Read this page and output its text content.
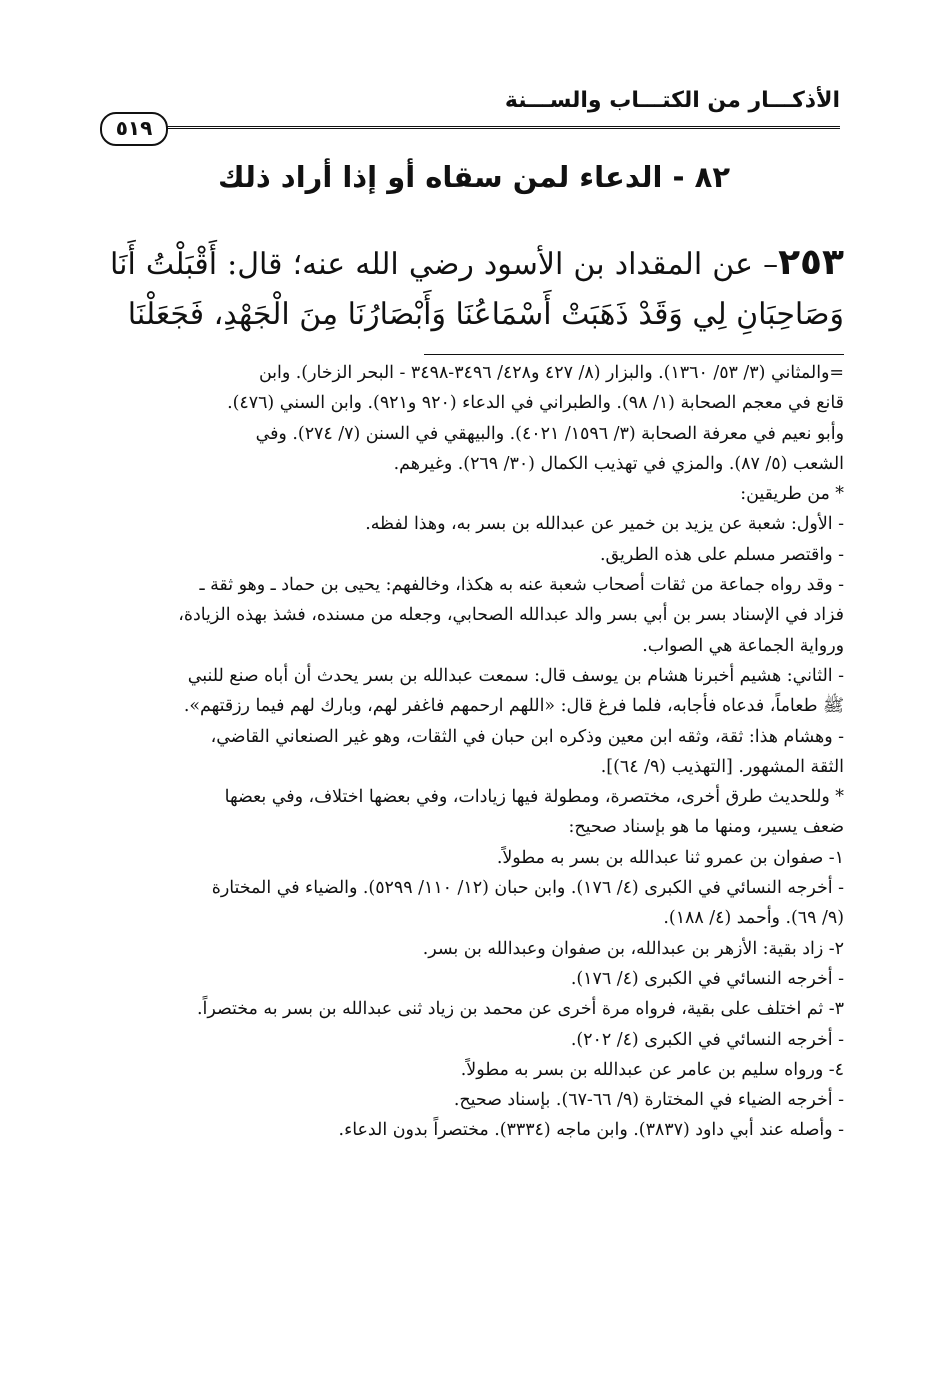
الأذكـــار من الكتـــاب والســـنة
٥١٩
٨٢ - الدعاء لمن سقاه أو إذا أراد ذلك
٢٥٣– عن المقداد بن الأسود رضي الله عنه؛ قال: أَقْبَلْتُ أَنَا وَصَاحِبَانِ لِي وَقَدْ ذَهَبَتْ أَسْمَاعُنَا وَأَبْصَارُنَا مِنَ الْجَهْدِ، فَجَعَلْنَا
=والمثاني (٣/ ٥٣/ ١٣٦٠). والبزار (٨/ ٤٢٧ و٤٢٨/ ٣٤٩٦-٣٤٩٨ - البحر الزخار). وابن
قانع في معجم الصحابة (١/ ٩٨). والطبراني في الدعاء (٩٢٠ و٩٢١). وابن السني (٤٧٦).
وأبو نعيم في معرفة الصحابة (٣/ ١٥٩٦/ ٤٠٢١). والبيهقي في السنن (٧/ ٢٧٤). وفي
الشعب (٥/ ٨٧). والمزي في تهذيب الكمال (٣٠/ ٢٦٩). وغيرهم.
* من طريقين:
- الأول: شعبة عن يزيد بن خمير عن عبدالله بن بسر به، وهذا لفظه.
- واقتصر مسلم على هذه الطريق.
- وقد رواه جماعة من ثقات أصحاب شعبة عنه به هكذا، وخالفهم: يحيى بن حماد ـ وهو ثقة ـ
فزاد في الإسناد بسر بن أبي بسر والد عبدالله الصحابي، وجعله من مسنده، فشذ بهذه الزيادة،
ورواية الجماعة هي الصواب.
- الثاني: هشيم أخبرنا هشام بن يوسف قال: سمعت عبدالله بن بسر يحدث أن أباه صنع للنبي
ﷺ طعاماً، فدعاه فأجابه، فلما فرغ قال: «اللهم ارحمهم فاغفر لهم، وبارك لهم فيما رزقتهم».
- وهشام هذا: ثقة، وثقه ابن معين وذكره ابن حبان في الثقات، وهو غير الصنعاني القاضي،
الثقة المشهور. [التهذيب (٩/ ٦٤)].
* وللحديث طرق أخرى، مختصرة، ومطولة فيها زيادات، وفي بعضها اختلاف، وفي بعضها
ضعف يسير، ومنها ما هو بإسناد صحيح:
١- صفوان بن عمرو ثنا عبدالله بن بسر به مطولاً.
- أخرجه النسائي في الكبرى (٤/ ١٧٦). وابن حبان (١٢/ ١١٠/ ٥٢٩٩). والضياء في المختارة
(٩/ ٦٩). وأحمد (٤/ ١٨٨).
٢- زاد بقية: الأزهر بن عبدالله، بن صفوان وعبدالله بن بسر.
- أخرجه النسائي في الكبرى (٤/ ١٧٦).
٣- ثم اختلف على بقية، فرواه مرة أخرى عن محمد بن زياد ثنى عبدالله بن بسر به مختصراً.
- أخرجه النسائي في الكبرى (٤/ ٢٠٢).
٤- ورواه سليم بن عامر عن عبدالله بن بسر به مطولاً.
- أخرجه الضياء في المختارة (٩/ ٦٦-٦٧). بإسناد صحيح.
- وأصله عند أبي داود (٣٨٣٧). وابن ماجه (٣٣٣٤). مختصراً بدون الدعاء.
